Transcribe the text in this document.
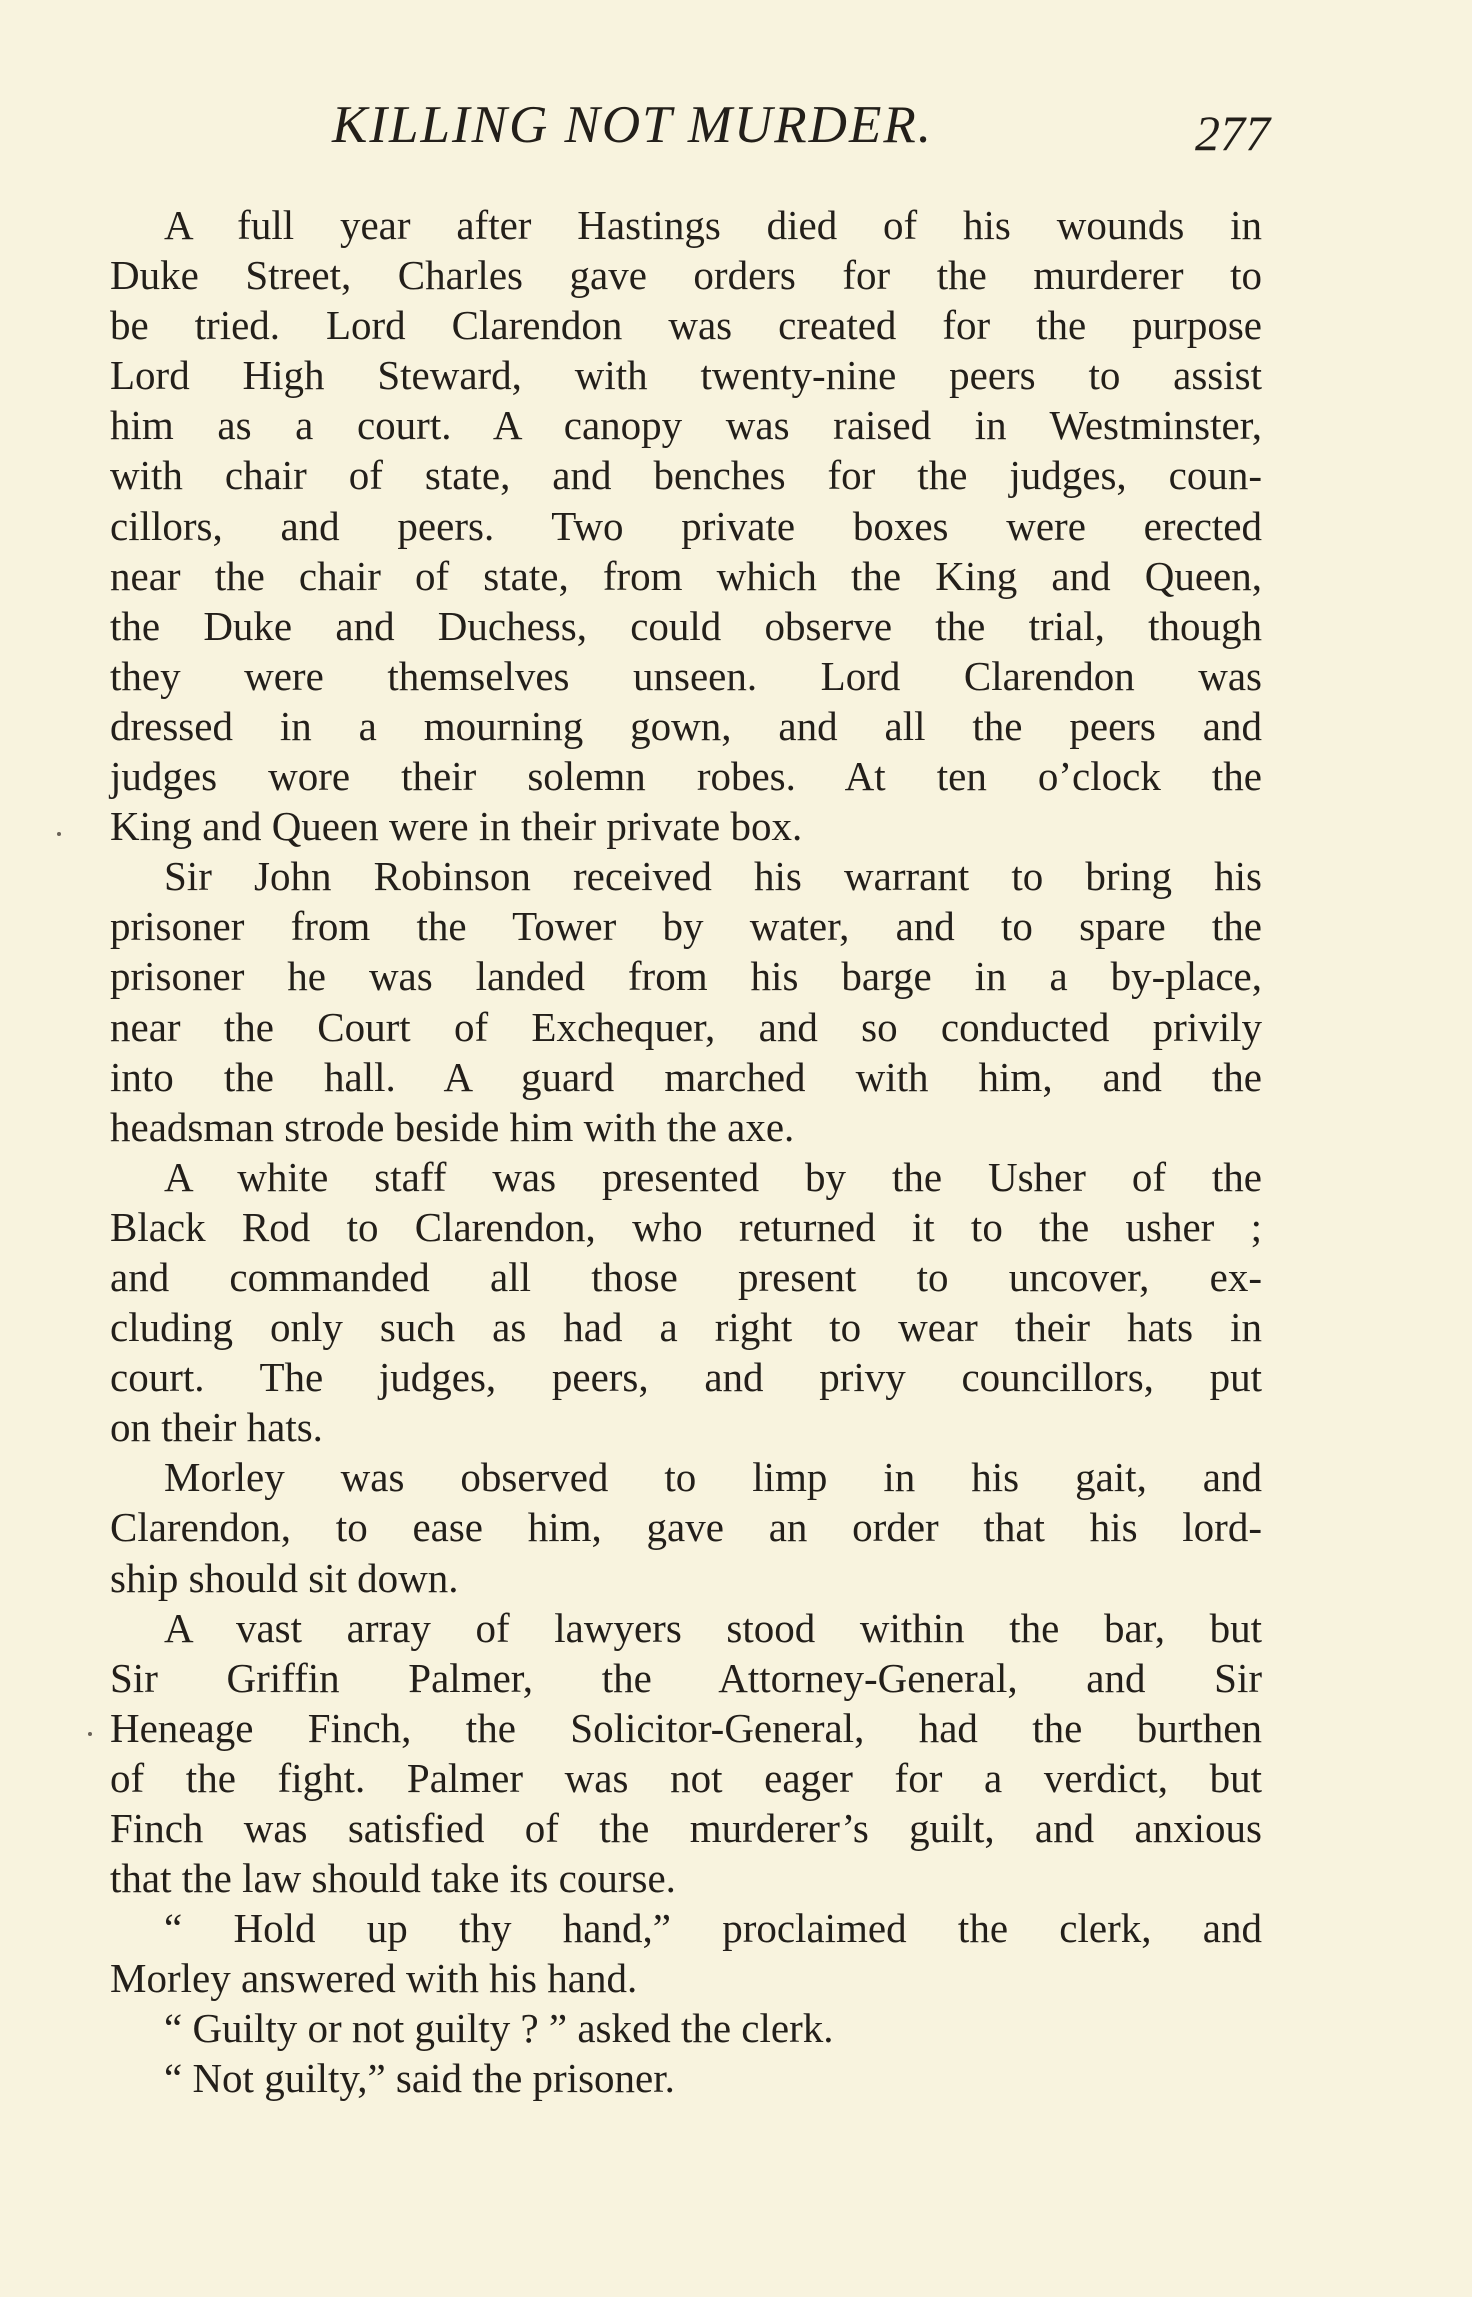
KILLING NOT MURDER.	277
A full year after Hastings died of his wounds in
Duke Street, Charles gave orders for the murderer to
be tried. Lord Clarendon was created for the purpose
Lord High Steward, with twenty-nine peers to assist
him as a court. A canopy was raised in Westminster,
with chair of state, and benches for the judges, coun-
cillors, and peers. Two private boxes were erected
near the chair of state, from which the King and Queen,
the Duke and Duchess, could observe the trial, though
they were themselves unseen. Lord Clarendon was
dressed in a mourning gown, and all the peers and
judges wore their solemn robes. At ten o’clock the
King and Queen were in their private box.
Sir John Robinson received his warrant to bring his
prisoner from the Tower by water, and to spare the
prisoner he was landed from his barge in a by-place,
near the Court of Exchequer, and so conducted privily
into the hall. A guard marched with him, and the
headsman strode beside him with the axe.
A white staff was presented by the Usher of the
Black Rod to Clarendon, who returned it to the usher ;
and commanded all those present to uncover, ex-
cluding only such as had a right to wear their hats in
court. The judges, peers, and privy councillors, put
on their hats.
Morley was observed to limp in his gait, and
Clarendon, to ease him, gave an order that his lord-
ship should sit down.
A vast array of lawyers stood within the bar, but
Sir Griffin Palmer, the Attorney-General, and Sir
Heneage Finch, the Solicitor-General, had the burthen
of the fight. Palmer was not eager for a verdict, but
Finch was satisfied of the murderer’s guilt, and anxious
that the law should take its course.
“ Hold up thy hand,” proclaimed the clerk, and
Morley answered with his hand.
“ Guilty or not guilty ? ” asked the clerk.
“ Not guilty,” said the prisoner.
